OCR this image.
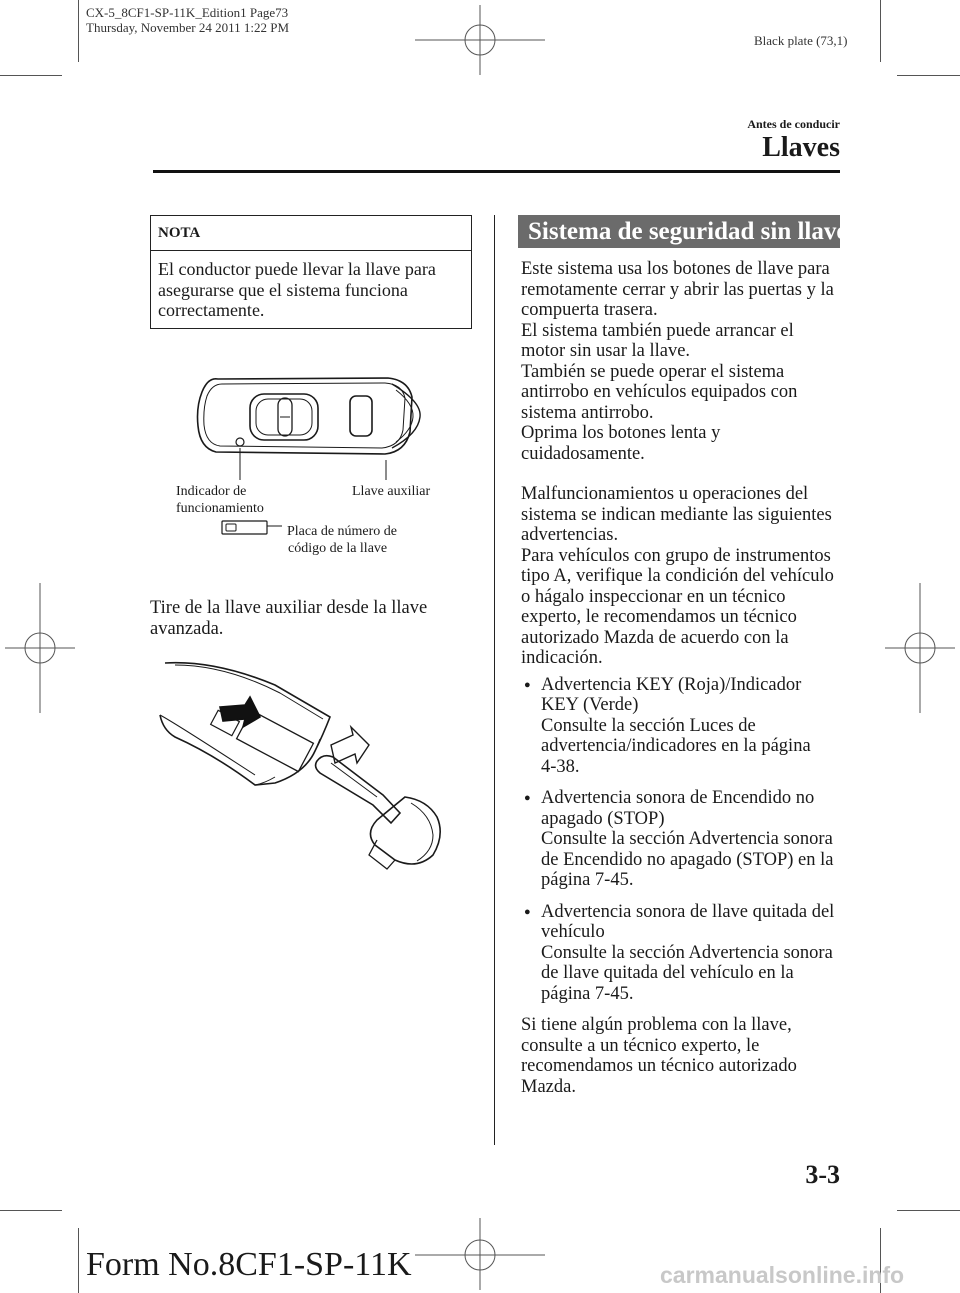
CX-5_8CF1-SP-11K_Edition1 Page73
Thursday, November 24 2011 1:22 PM
Black plate (73,1)
Antes de conducir
Llaves
NOTA
El conductor puede llevar la llave para asegurarse que el sistema funciona correctamente.
Indicador de
funcionamiento
Llave auxiliar
Placa de número de
código de la llave
Tire de la llave auxiliar desde la llave
avanzada.
Sistema de seguridad sin llave
Este sistema usa los botones de llave para
remotamente cerrar y abrir las puertas y la
compuerta trasera.
El sistema también puede arrancar el
motor sin usar la llave.
También se puede operar el sistema
antirrobo en vehículos equipados con
sistema antirrobo.
Oprima los botones lenta y
cuidadosamente.
Malfuncionamientos u operaciones del
sistema se indican mediante las siguientes
advertencias.
Para vehículos con grupo de instrumentos
tipo A, verifique la condición del vehículo
o hágalo inspeccionar en un técnico
experto, le recomendamos un técnico
autorizado Mazda de acuerdo con la
indicación.
● Advertencia KEY (Roja)/Indicador
KEY (Verde)
Consulte la sección Luces de
advertencia/indicadores en la página
4-38.
● Advertencia sonora de Encendido no
apagado (STOP)
Consulte la sección Advertencia sonora
de Encendido no apagado (STOP) en la
página 7-45.
● Advertencia sonora de llave quitada del
vehículo
Consulte la sección Advertencia sonora
de llave quitada del vehículo en la
página 7-45.
Si tiene algún problema con la llave,
consulte a un técnico experto, le
recomendamos un técnico autorizado
Mazda.
3-3
Form No.8CF1-SP-11K	carmanualsonline.info
